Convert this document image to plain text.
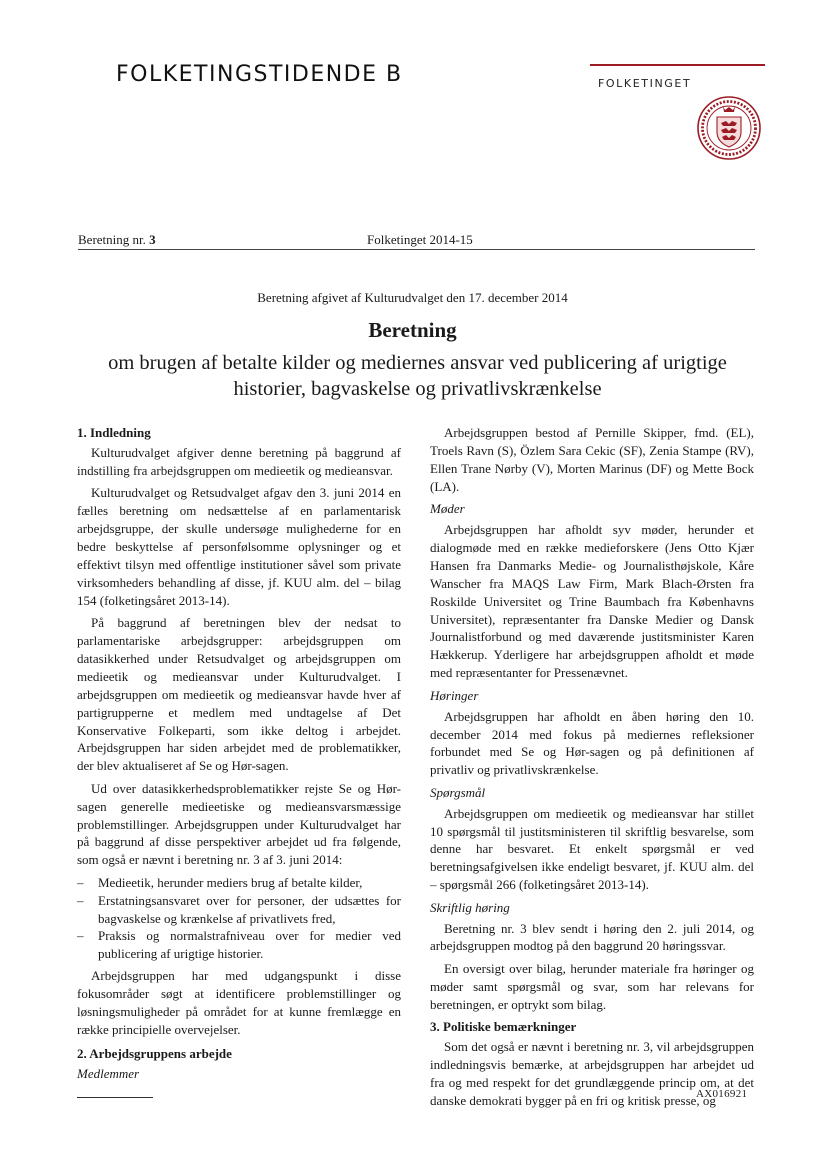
FOLKETINGSTIDENDE B	FOLKETINGET
Beretning nr. 3	Folketinget 2014-15
Beretning afgivet af Kulturudvalget den 17. december 2014
Beretning
om brugen af betalte kilder og mediernes ansvar ved publicering af urigtige historier, bagvaskelse og privatlivskrænkelse
1. Indledning

Kulturudvalget afgiver denne beretning på baggrund af indstilling fra arbejdsgruppen om medieetik og medieansvar.

Kulturudvalget og Retsudvalget afgav den 3. juni 2014 en fælles beretning om nedsættelse af en parlamentarisk arbejdsgruppe, der skulle undersøge mulighederne for en bedre beskyttelse af personfølsomme oplysninger og et effektivt tilsyn med offentlige institutioner såvel som private virksomheders behandling af disse, jf. KUU alm. del – bilag 154 (folketingsåret 2013-14).

På baggrund af beretningen blev der nedsat to parlamentariske arbejdsgrupper: arbejdsgruppen om datasikkerhed under Retsudvalget og arbejdsgruppen om medieetik og medieansvar under Kulturudvalget. I arbejdsgruppen om medieetik og medieansvar havde hver af partigrupperne et medlem med undtagelse af Det Konservative Folkeparti, som ikke deltog i arbejdet. Arbejdsgruppen har siden arbejdet med de problematikker, der blev aktualiseret af Se og Hør-sagen.

Ud over datasikkerhedsproblematikker rejste Se og Hør-sagen generelle medieetiske og medieansvarsmæssige problemstillinger. Arbejdsgruppen under Kulturudvalget har på baggrund af disse perspektiver arbejdet ud fra følgende, som også er nævnt i beretning nr. 3 af 3. juni 2014:

– Medieetik, herunder mediers brug af betalte kilder,
– Erstatningsansvaret over for personer, der udsættes for bagvaskelse og krænkelse af privatlivets fred,
– Praksis og normalstrafniveau over for medier ved publicering af urigtige historier.

Arbejdsgruppen har med udgangspunkt i disse fokusområder søgt at identificere problemstillinger og løsningsmuligheder på området for at kunne fremlægge en række principielle overvejelser.

2. Arbejdsgruppens arbejde
Medlemmer

Arbejdsgruppen bestod af Pernille Skipper, fmd. (EL), Troels Ravn (S), Özlem Sara Cekic (SF), Zenia Stampe (RV), Ellen Trane Nørby (V), Morten Marinus (DF) og Mette Bock (LA).

Møder

Arbejdsgruppen har afholdt syv møder, herunder et dialogmøde med en række medieforskere (Jens Otto Kjær Hansen fra Danmarks Medie- og Journalisthøjskole, Kåre Wanscher fra MAQS Law Firm, Mark Blach-Ørsten fra Roskilde Universitet og Trine Baumbach fra Københavns Universitet), repræsentanter fra Danske Medier og Dansk Journalistforbund og med daværende justitsminister Karen Hækkerup. Yderligere har arbejdsgruppen afholdt et møde med repræsentanter for Pressenævnet.

Høringer

Arbejdsgruppen har afholdt en åben høring den 10. december 2014 med fokus på mediernes refleksioner forbundet med Se og Hør-sagen og på definitionen af privatliv og privatlivskrænkelse.

Spørgsmål

Arbejdsgruppen om medieetik og medieansvar har stillet 10 spørgsmål til justitsministeren til skriftlig besvarelse, som denne har besvaret. Et enkelt spørgsmål er ved beretningsafgivelsen ikke endeligt besvaret, jf. KUU alm. del – spørgsmål 266 (folketingsåret 2013-14).

Skriftlig høring

Beretning nr. 3 blev sendt i høring den 2. juli 2014, og arbejdsgruppen modtog på den baggrund 20 høringssvar.

En oversigt over bilag, herunder materiale fra høringer og møder samt spørgsmål og svar, som har relevans for beretningen, er optrykt som bilag.

3. Politiske bemærkninger

Som det også er nævnt i beretning nr. 3, vil arbejdsgruppen indledningsvis bemærke, at arbejdsgruppen har arbejdet ud fra og med respekt for det grundlæggende princip om, at det danske demokrati bygger på en fri og kritisk presse, og

AX016921
